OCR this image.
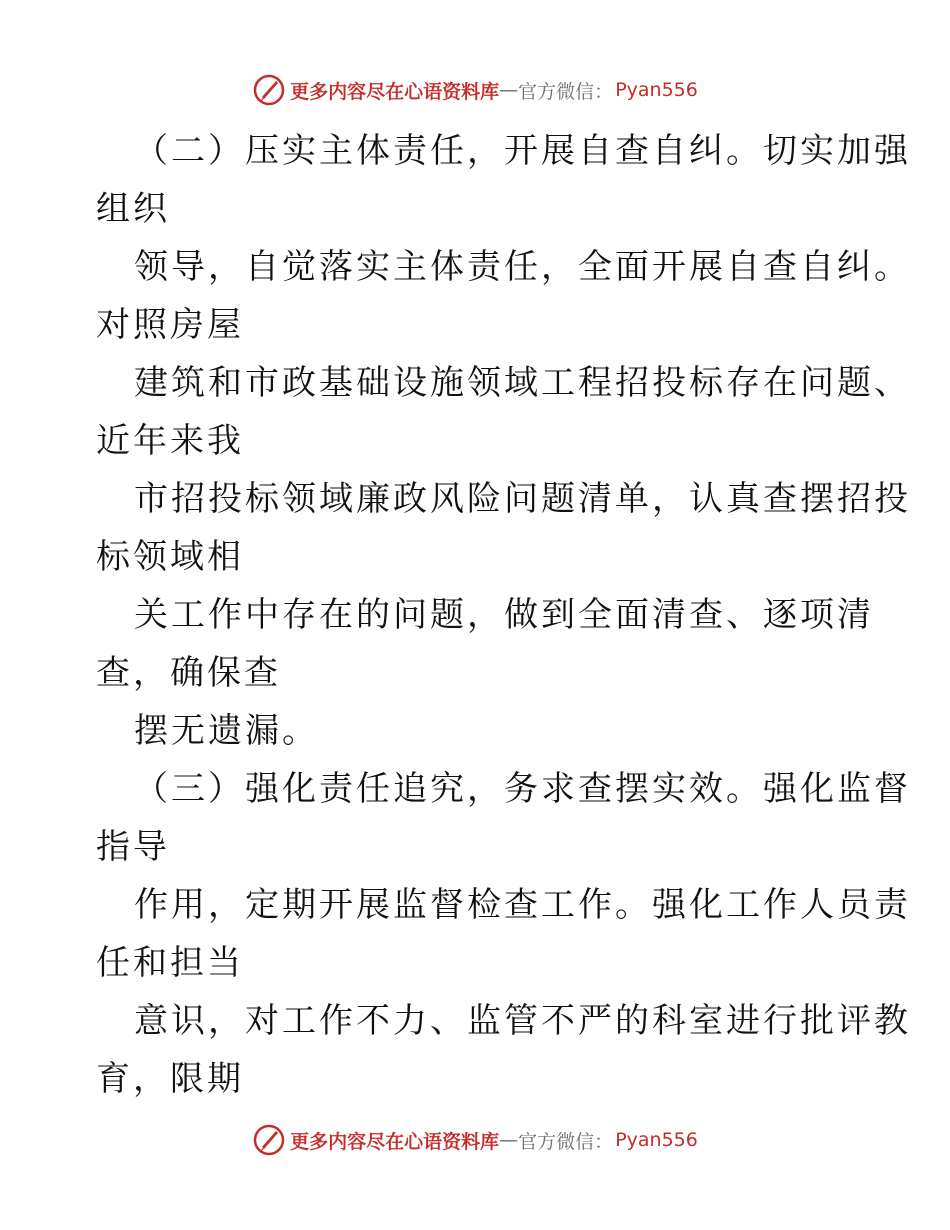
更多内容尽在心语资料库 — 官方微信： Pyan556
（二）压实主体责任，开展自查自纠。切实加强
组织
领导，自觉落实主体责任，全面开展自查自纠。
对照房屋
建筑和市政基础设施领域工程招投标存在问题、
近年来我
市招投标领域廉政风险问题清单，认真查摆招投
标领域相
关工作中存在的问题，做到全面清查、逐项清
查，确保查
摆无遗漏。
（三）强化责任追究，务求查摆实效。强化监督
指导
作用，定期开展监督检查工作。强化工作人员责
任和担当
意识，对工作不力、监管不严的科室进行批评教
育，限期
更多内容尽在心语资料库 — 官方微信： Pyan556
